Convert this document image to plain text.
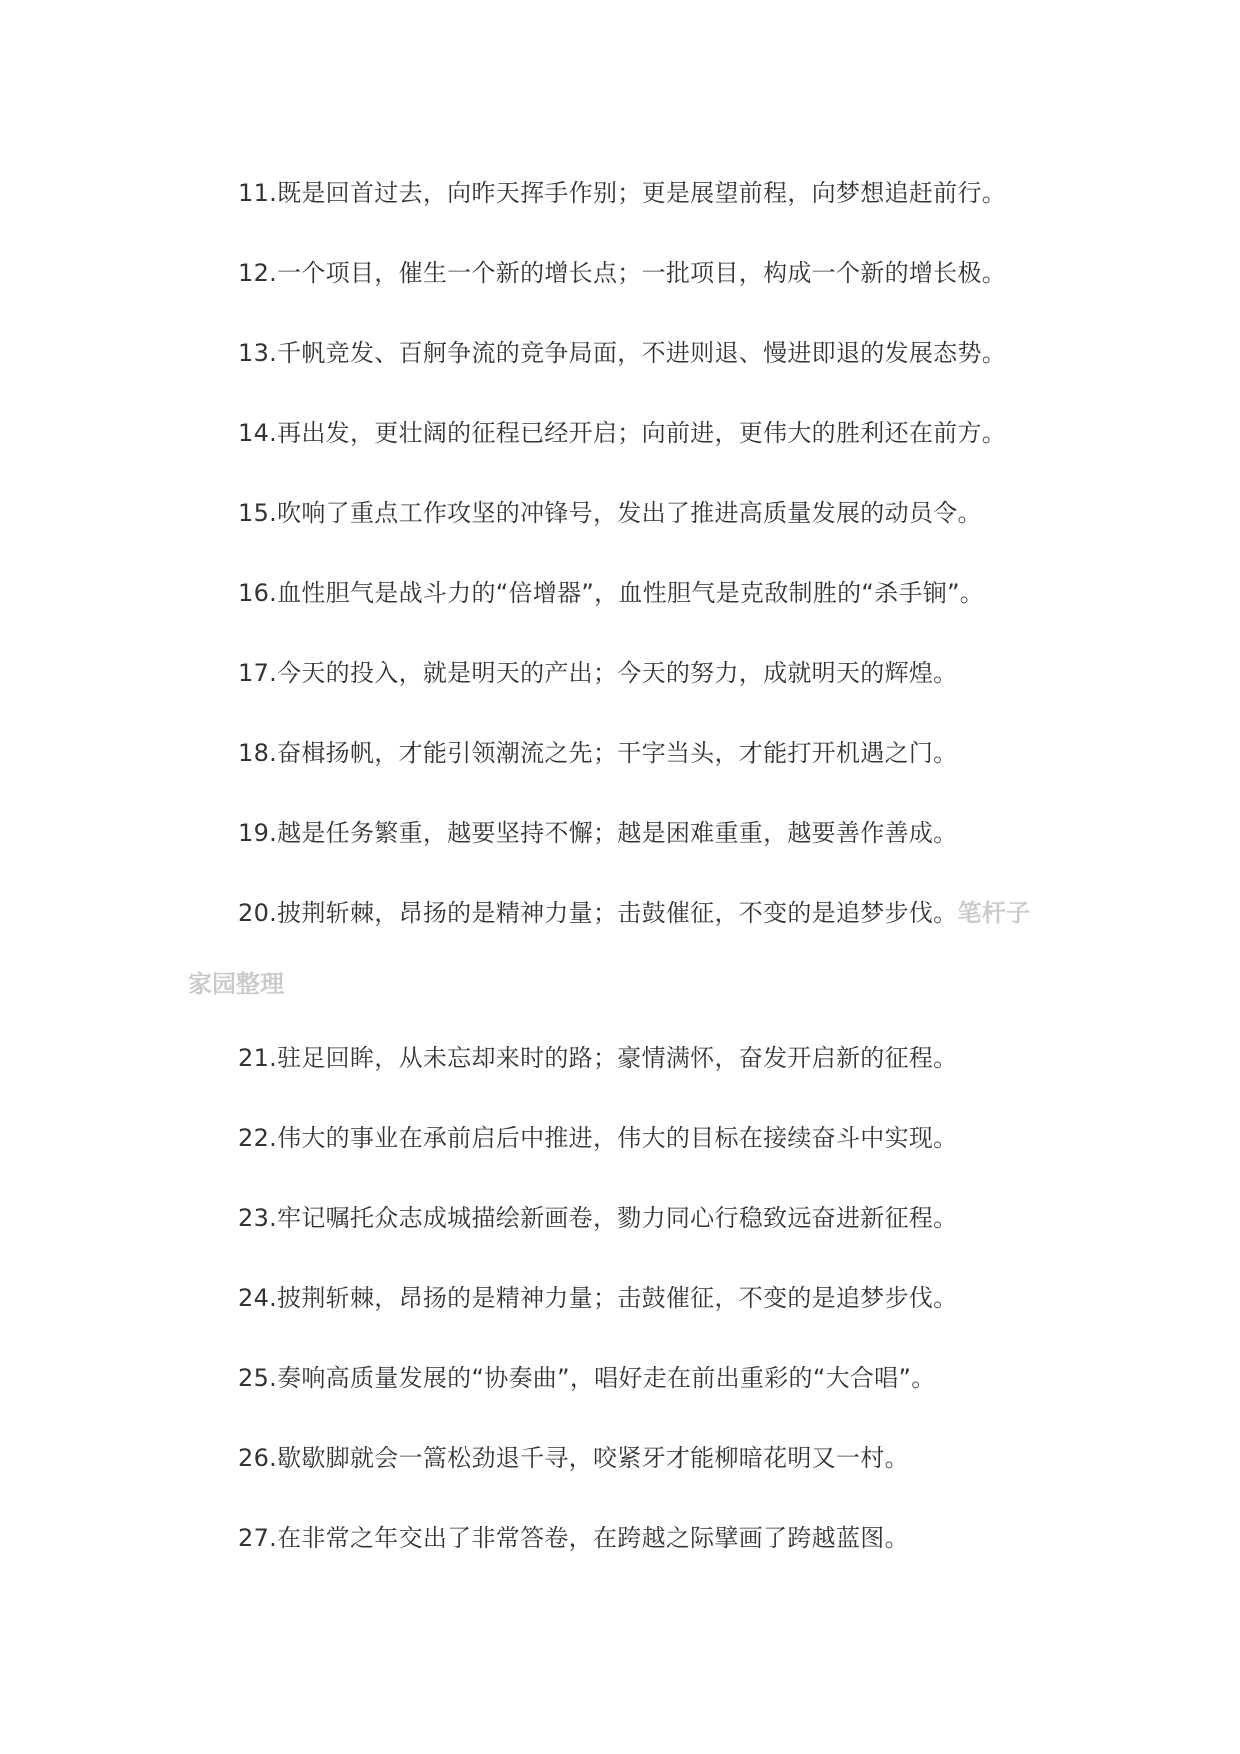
11.既是回首过去，向昨天挥手作别；更是展望前程，向梦想追赶前行。
12.一个项目，催生一个新的增长点；一批项目，构成一个新的增长极。
13.千帆竞发、百舸争流的竞争局面，不进则退、慢进即退的发展态势。
14.再出发，更壮阔的征程已经开启；向前进，更伟大的胜利还在前方。
15.吹响了重点工作攻坚的冲锋号，发出了推进高质量发展的动员令。
16.血性胆气是战斗力的“倍增器”，血性胆气是克敌制胜的“杀手锏”。
17.今天的投入，就是明天的产出；今天的努力，成就明天的辉煌。
18.奋楫扬帆，才能引领潮流之先；干字当头，才能打开机遇之门。
19.越是任务繁重，越要坚持不懈；越是困难重重，越要善作善成。
20.披荆斩棘，昂扬的是精神力量；击鼓催征，不变的是追梦步伐。笔杆子
家园整理
21.驻足回眸，从未忘却来时的路；豪情满怀，奋发开启新的征程。
22.伟大的事业在承前启后中推进，伟大的目标在接续奋斗中实现。
23.牢记嘱托众志成城描绘新画卷，勠力同心行稳致远奋进新征程。
24.披荆斩棘，昂扬的是精神力量；击鼓催征，不变的是追梦步伐。
25.奏响高质量发展的“协奏曲”，唱好走在前出重彩的“大合唱”。
26.歇歇脚就会一篙松劲退千寻，咬紧牙才能柳暗花明又一村。
27.在非常之年交出了非常答卷，在跨越之际擘画了跨越蓝图。
